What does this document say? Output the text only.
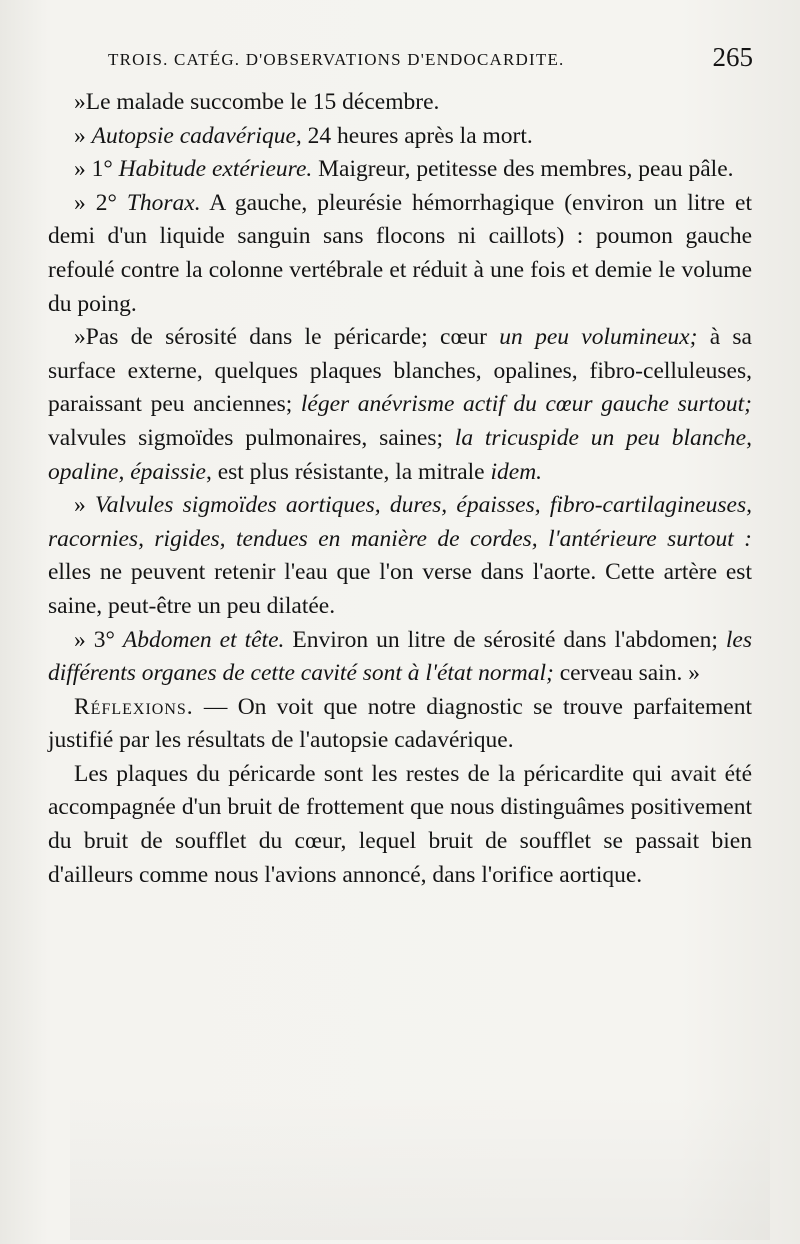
TROIS. CATÉG. D'OBSERVATIONS D'ENDOCARDITE.	265

»Le malade succombe le 15 décembre.

» Autopsie cadavérique, 24 heures après la mort.

» 1° Habitude extérieure. Maigreur, petitesse des membres, peau pâle.

» 2° Thorax. A gauche, pleurésie hémorrhagique (environ un litre et demi d'un liquide sanguin sans flocons ni caillots) : poumon gauche refoulé contre la colonne vertébrale et réduit à une fois et demie le volume du poing.

»Pas de sérosité dans le péricarde; cœur un peu volumineux; à sa surface externe, quelques plaques blanches, opalines, fibro-celluleuses, paraissant peu anciennes; léger anévrisme actif du cœur gauche surtout; valvules sigmoïdes pulmonaires, saines; la tricuspide un peu blanche, opaline, épaissie, est plus résistante, la mitrale idem.

» Valvules sigmoïdes aortiques, dures, épaisses, fibro-cartilagineuses, racornies, rigides, tendues en manière de cordes, l'antérieure surtout : elles ne peuvent retenir l'eau que l'on verse dans l'aorte. Cette artère est saine, peut-être un peu dilatée.

» 3° Abdomen et tête. Environ un litre de sérosité dans l'abdomen; les différents organes de cette cavité sont à l'état normal; cerveau sain. »

Réflexions. — On voit que notre diagnostic se trouve parfaitement justifié par les résultats de l'autopsie cadavérique.

Les plaques du péricarde sont les restes de la péricardite qui avait été accompagnée d'un bruit de frottement que nous distinguâmes positivement du bruit de soufflet du cœur, lequel bruit de soufflet se passait bien d'ailleurs comme nous l'avions annoncé, dans l'orifice aortique.
